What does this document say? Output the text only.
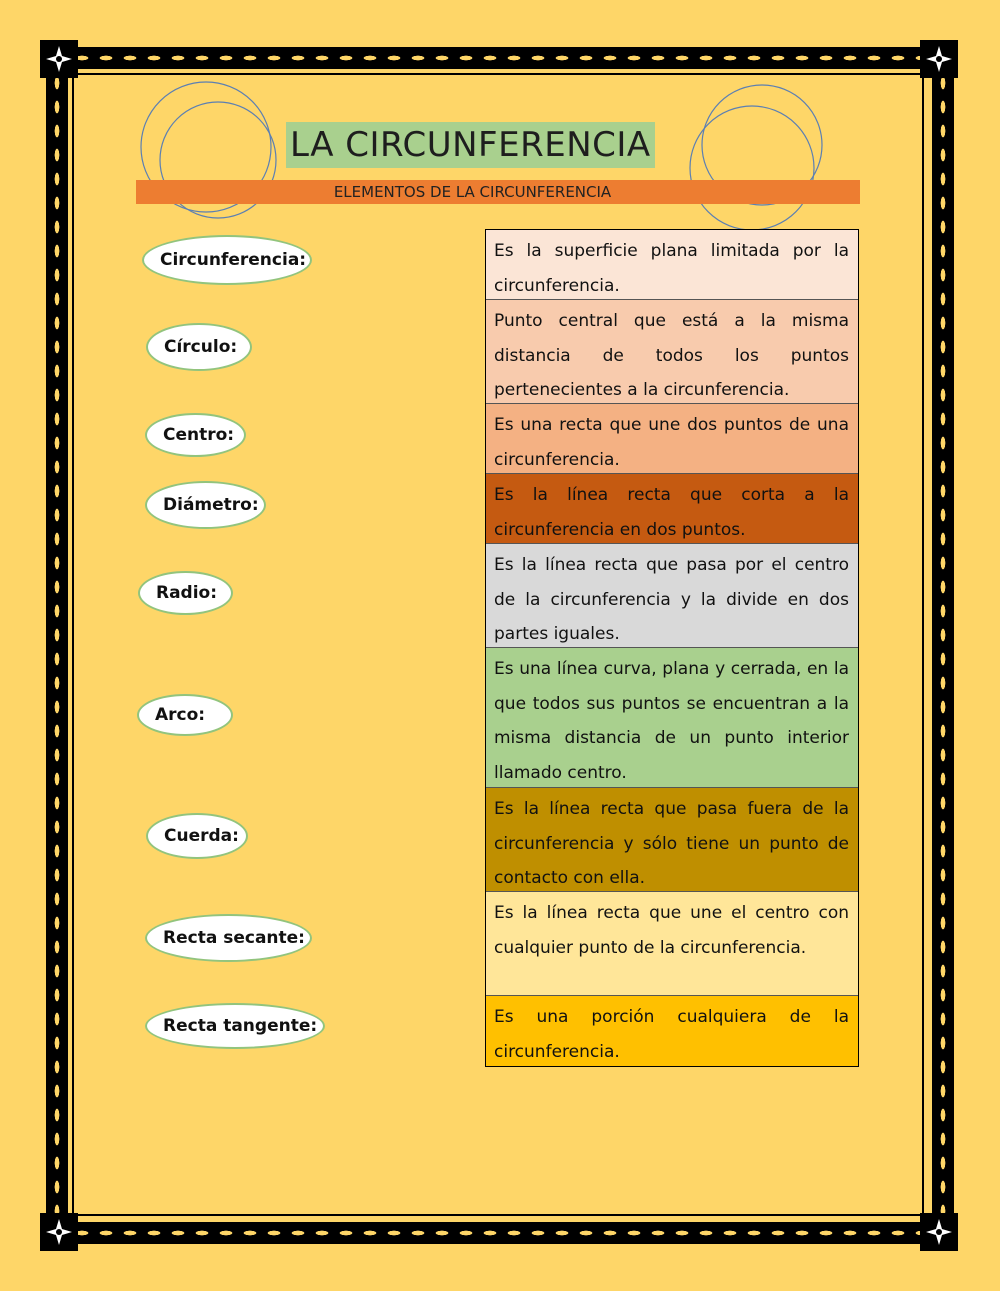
LA CIRCUNFERENCIA
ELEMENTOS DE LA CIRCUNFERENCIA
Circunferencia:
Círculo:
Centro:
Diámetro:
Radio:
Arco:
Cuerda:
Recta secante:
Recta tangente:
Es la superficie plana limitada por la circunferencia.
Punto central que está a la misma distancia de todos los puntos pertenecientes a la circunferencia.
Es una recta que une dos puntos de una circunferencia.
Es la línea recta que corta a la circunferencia en dos puntos.
Es la línea recta que pasa por el centro de la circunferencia y la divide en dos partes iguales.
Es una línea curva, plana y cerrada, en la que todos sus puntos se encuentran a la misma distancia de un punto interior llamado centro.
Es la línea recta que pasa fuera de la circunferencia y sólo tiene un punto de contacto con ella.
Es la línea recta que une el centro con cualquier punto de la circunferencia.
Es una porción cualquiera de la circunferencia.
